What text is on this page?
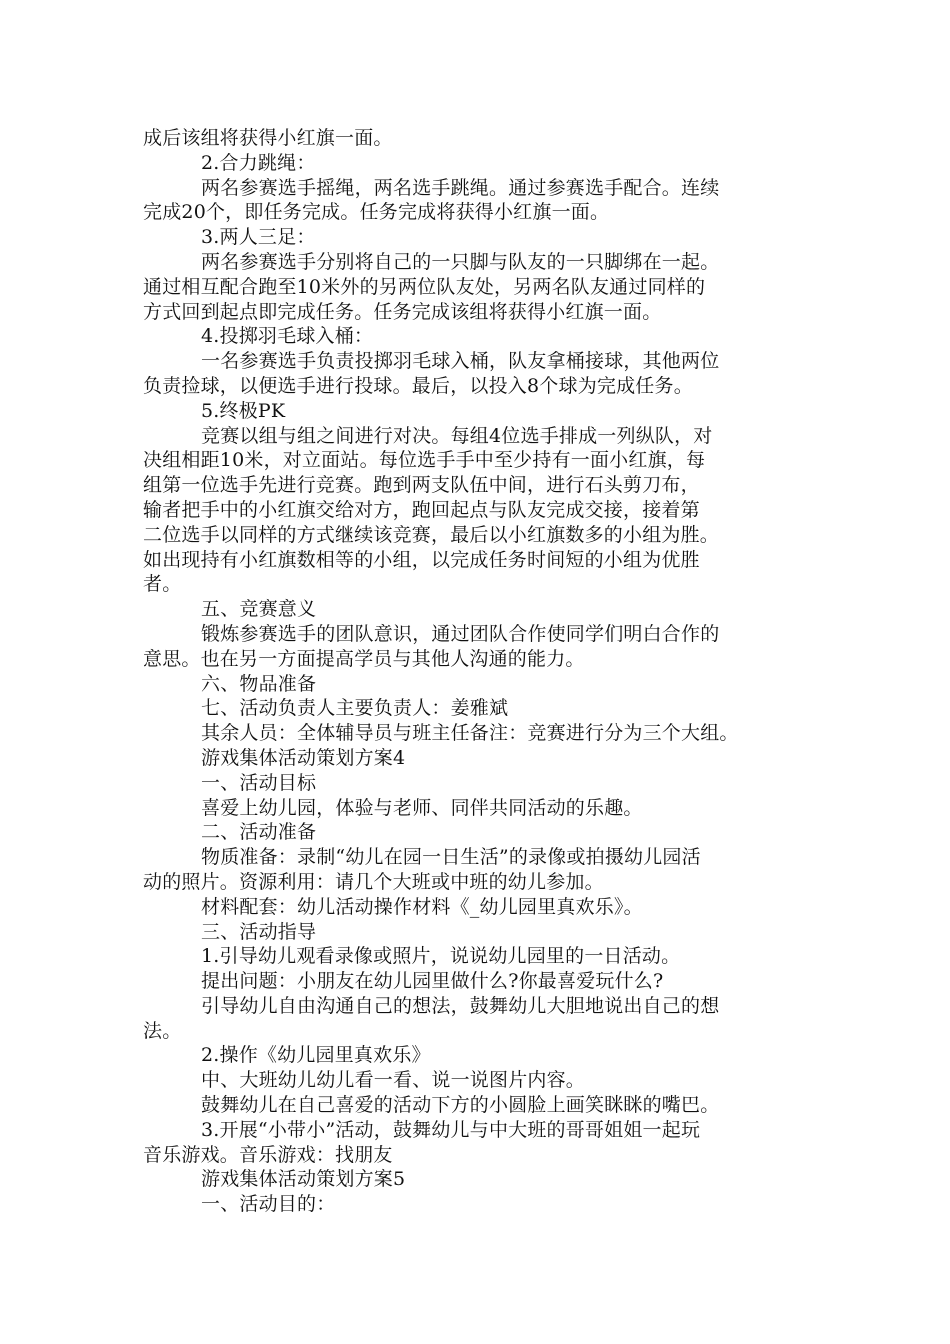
成后该组将获得小红旗一面。
2.合力跳绳：
两名参赛选手摇绳，两名选手跳绳。通过参赛选手配合。连续
完成20个，即任务完成。任务完成将获得小红旗一面。
3.两人三足：
两名参赛选手分别将自己的一只脚与队友的一只脚绑在一起。
通过相互配合跑至10米外的另两位队友处，另两名队友通过同样的
方式回到起点即完成任务。任务完成该组将获得小红旗一面。
4.投掷羽毛球入桶：
一名参赛选手负责投掷羽毛球入桶，队友拿桶接球，其他两位
负责捡球，以便选手进行投球。最后，以投入8个球为完成任务。
5.终极PK
竞赛以组与组之间进行对决。每组4位选手排成一列纵队，对
决组相距10米，对立面站。每位选手手中至少持有一面小红旗，每
组第一位选手先进行竞赛。跑到两支队伍中间，进行石头剪刀布，
输者把手中的小红旗交给对方，跑回起点与队友完成交接，接着第
二位选手以同样的方式继续该竞赛，最后以小红旗数多的小组为胜。
如出现持有小红旗数相等的小组，以完成任务时间短的小组为优胜
者。
五、竞赛意义
锻炼参赛选手的团队意识，通过团队合作使同学们明白合作的
意思。也在另一方面提高学员与其他人沟通的能力。
六、物品准备
七、活动负责人主要负责人：姜雅斌
其余人员：全体辅导员与班主任备注：竞赛进行分为三个大组。
游戏集体活动策划方案4
一、活动目标
喜爱上幼儿园，体验与老师、同伴共同活动的乐趣。
二、活动准备
物质准备：录制“幼儿在园一日生活”的录像或拍摄幼儿园活
动的照片。资源利用：请几个大班或中班的幼儿参加。
材料配套：幼儿活动操作材料《_幼儿园里真欢乐》。
三、活动指导
1.引导幼儿观看录像或照片，说说幼儿园里的一日活动。
提出问题：小朋友在幼儿园里做什么?你最喜爱玩什么?
引导幼儿自由沟通自己的想法，鼓舞幼儿大胆地说出自己的想
法。
2.操作《幼儿园里真欢乐》
中、大班幼儿幼儿看一看、说一说图片内容。
鼓舞幼儿在自己喜爱的活动下方的小圆脸上画笑眯眯的嘴巴。
3.开展“小带小”活动，鼓舞幼儿与中大班的哥哥姐姐一起玩
音乐游戏。音乐游戏：找朋友
游戏集体活动策划方案5
一、活动目的：
